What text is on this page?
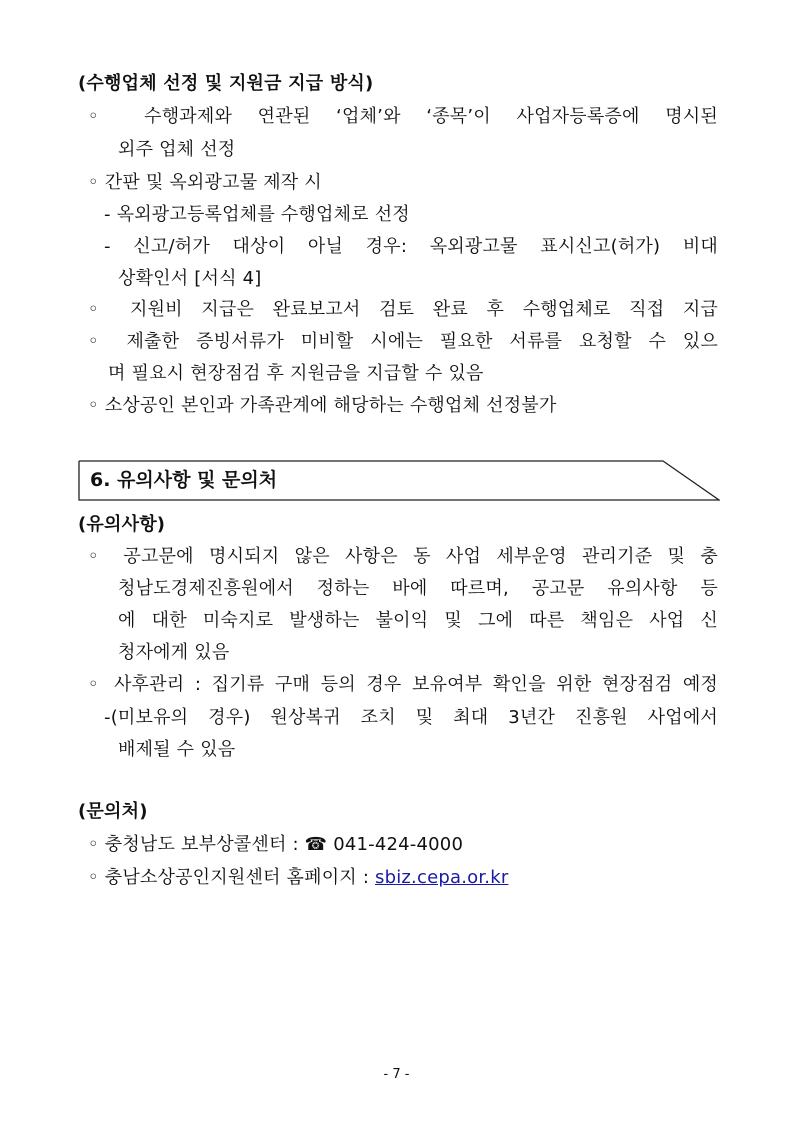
(수행업체 선정 및 지원금 지급 방식)
◦ 수행과제와 연관된 ‘업체’와 ‘종목’이 사업자등록증에 명시된
외주 업체 선정
◦ 간판 및 옥외광고물 제작 시
- 옥외광고등록업체를 수행업체로 선정
- 신고/허가 대상이 아닐 경우: 옥외광고물 표시신고(허가) 비대
상확인서 [서식 4]
◦ 지원비 지급은 완료보고서 검토 완료 후 수행업체로 직접 지급
◦ 제출한 증빙서류가 미비할 시에는 필요한 서류를 요청할 수 있으
며 필요시 현장점검 후 지원금을 지급할 수 있음
◦ 소상공인 본인과 가족관계에 해당하는 수행업체 선정불가
6. 유의사항 및 문의처
(유의사항)
◦ 공고문에 명시되지 않은 사항은 동 사업 세부운영 관리기준 및 충
청남도경제진흥원에서 정하는 바에 따르며, 공고문 유의사항 등
에 대한 미숙지로 발생하는 불이익 및 그에 따른 책임은 사업 신
청자에게 있음
◦ 사후관리 : 집기류 구매 등의 경우 보유여부 확인을 위한 현장점검 예정
-(미보유의 경우) 원상복귀 조치 및 최대 3년간 진흥원 사업에서
배제될 수 있음
(문의처)
◦ 충청남도 보부상콜센터 : ☎ 041-424-4000
◦ 충남소상공인지원센터 홈페이지 : sbiz.cepa.or.kr
- 7 -
